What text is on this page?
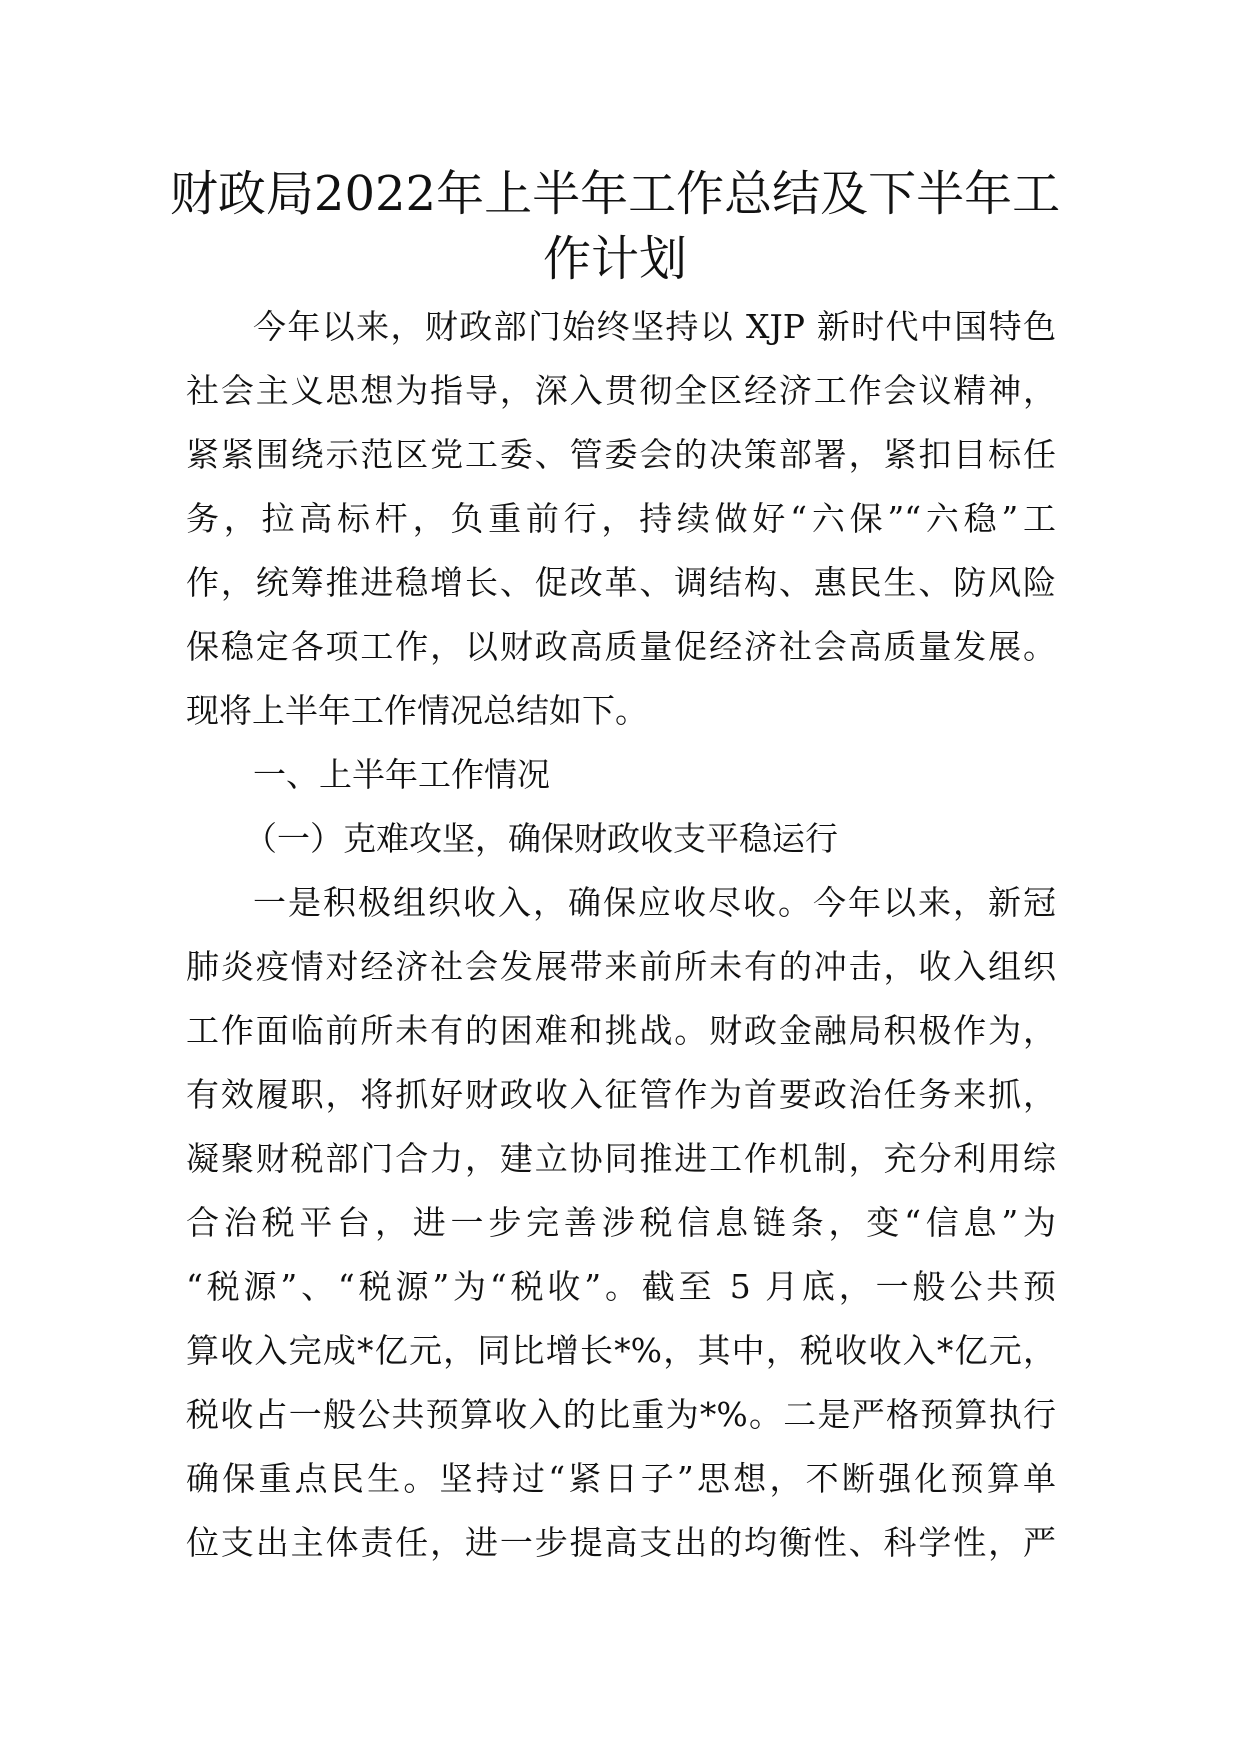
财政局2022年上半年工作总结及下半年工
作计划
今年以来，财政部门始终坚持以 XJP 新时代中国特色
社会主义思想为指导，深入贯彻全区经济工作会议精神，
紧紧围绕示范区党工委、管委会的决策部署，紧扣目标任
务，拉高标杆，负重前行，持续做好“六保”“六稳”工
作，统筹推进稳增长、促改革、调结构、惠民生、防风险
保稳定各项工作，以财政高质量促经济社会高质量发展。
现将上半年工作情况总结如下。
一、上半年工作情况
（一）克难攻坚，确保财政收支平稳运行
一是积极组织收入，确保应收尽收。今年以来，新冠
肺炎疫情对经济社会发展带来前所未有的冲击，收入组织
工作面临前所未有的困难和挑战。财政金融局积极作为，
有效履职，将抓好财政收入征管作为首要政治任务来抓，
凝聚财税部门合力，建立协同推进工作机制，充分利用综
合治税平台，进一步完善涉税信息链条，变“信息”为
“税源”、“税源”为“税收”。截至 5 月底，一般公共预
算收入完成*亿元，同比增长*%，其中，税收收入*亿元，
税收占一般公共预算收入的比重为*%。二是严格预算执行
确保重点民生。坚持过“紧日子”思想，不断强化预算单
位支出主体责任，进一步提高支出的均衡性、科学性，严
